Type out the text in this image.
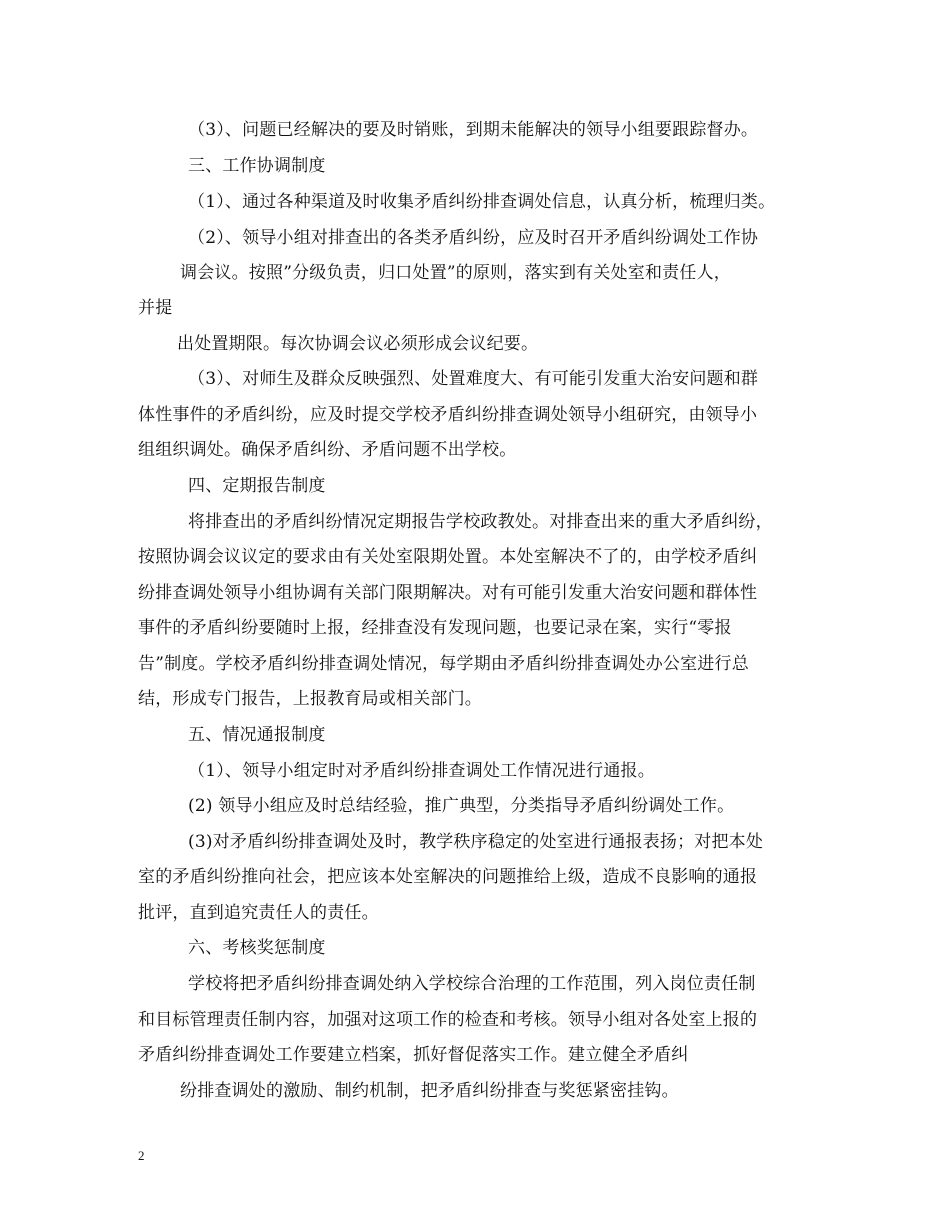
（3）、问题已经解决的要及时销账，到期未能解决的领导小组要跟踪督办。
三、工作协调制度
（1）、通过各种渠道及时收集矛盾纠纷排查调处信息，认真分析，梳理归类。
（2）、领导小组对排查出的各类矛盾纠纷，应及时召开矛盾纠纷调处工作协
调会议。按照”分级负责，归口处置”的原则，落实到有关处室和责任人，
并提
出处置期限。每次协调会议必须形成会议纪要。
（3）、对师生及群众反映强烈、处置难度大、有可能引发重大治安问题和群
体性事件的矛盾纠纷，应及时提交学校矛盾纠纷排查调处领导小组研究，由领导小
组组织调处。确保矛盾纠纷、矛盾问题不出学校。
四、定期报告制度
将排查出的矛盾纠纷情况定期报告学校政教处。对排查出来的重大矛盾纠纷，
按照协调会议议定的要求由有关处室限期处置。本处室解决不了的，由学校矛盾纠
纷排查调处领导小组协调有关部门限期解决。对有可能引发重大治安问题和群体性
事件的矛盾纠纷要随时上报，经排查没有发现问题，也要记录在案，实行“零报
告”制度。学校矛盾纠纷排查调处情况，每学期由矛盾纠纷排查调处办公室进行总
结，形成专门报告，上报教育局或相关部门。
五、情况通报制度
（1）、领导小组定时对矛盾纠纷排查调处工作情况进行通报。
(2) 领导小组应及时总结经验，推广典型，分类指导矛盾纠纷调处工作。
(3)对矛盾纠纷排查调处及时，教学秩序稳定的处室进行通报表扬；对把本处
室的矛盾纠纷推向社会，把应该本处室解决的问题推给上级，造成不良影响的通报
批评，直到追究责任人的责任。
六、考核奖惩制度
学校将把矛盾纠纷排查调处纳入学校综合治理的工作范围，列入岗位责任制
和目标管理责任制内容，加强对这项工作的检查和考核。领导小组对各处室上报的
矛盾纠纷排查调处工作要建立档案，抓好督促落实工作。建立健全矛盾纠
纷排查调处的激励、制约机制，把矛盾纠纷排查与奖惩紧密挂钩。
2
